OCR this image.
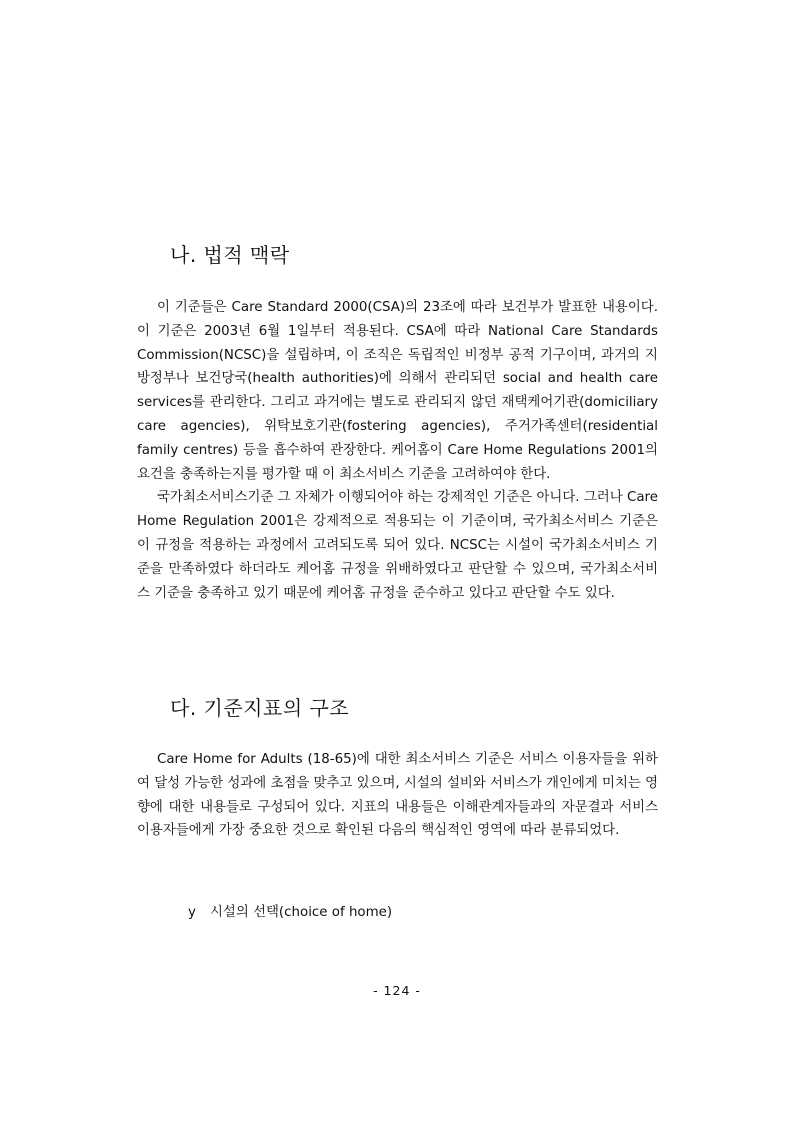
나. 법적 맥락

이 기준들은 Care Standard 2000(CSA)의 23조에 따라 보건부가 발표한 내용이다. 이 기준은 2003년 6월 1일부터 적용된다. CSA에 따라 National Care Standards Commission(NCSC)을 설립하며, 이 조직은 독립적인 비정부 공적 기구이며, 과거의 지방정부나 보건당국(health authorities)에 의해서 관리되던 social and health care services를 관리한다. 그리고 과거에는 별도로 관리되지 않던 재택케어기관(domiciliary care agencies), 위탁보호기관(fostering agencies), 주거가족센터(residential family centres) 등을 흡수하여 관장한다. 케어홈이 Care Home Regulations 2001의 요건을 충족하는지를 평가할 때 이 최소서비스 기준을 고려하여야 한다.

국가최소서비스기준 그 자체가 이행되어야 하는 강제적인 기준은 아니다. 그러나 Care Home Regulation 2001은 강제적으로 적용되는 이 기준이며, 국가최소서비스 기준은 이 규정을 적용하는 과정에서 고려되도록 되어 있다. NCSC는 시설이 국가최소서비스 기준을 만족하였다 하더라도 케어홈 규정을 위배하였다고 판단할 수 있으며, 국가최소서비스 기준을 충족하고 있기 때문에 케어홈 규정을 준수하고 있다고 판단할 수도 있다.

다. 기준지표의 구조

Care Home for Adults (18-65)에 대한 최소서비스 기준은 서비스 이용자들을 위하여 달성 가능한 성과에 초점을 맞추고 있으며, 시설의 설비와 서비스가 개인에게 미치는 영향에 대한 내용들로 구성되어 있다. 지표의 내용들은 이해관계자들과의 자문결과 서비스 이용자들에게 가장 중요한 것으로 확인된 다음의 핵심적인 영역에 따라 분류되었다.

y 시설의 선택(choice of home)
- 124 -
